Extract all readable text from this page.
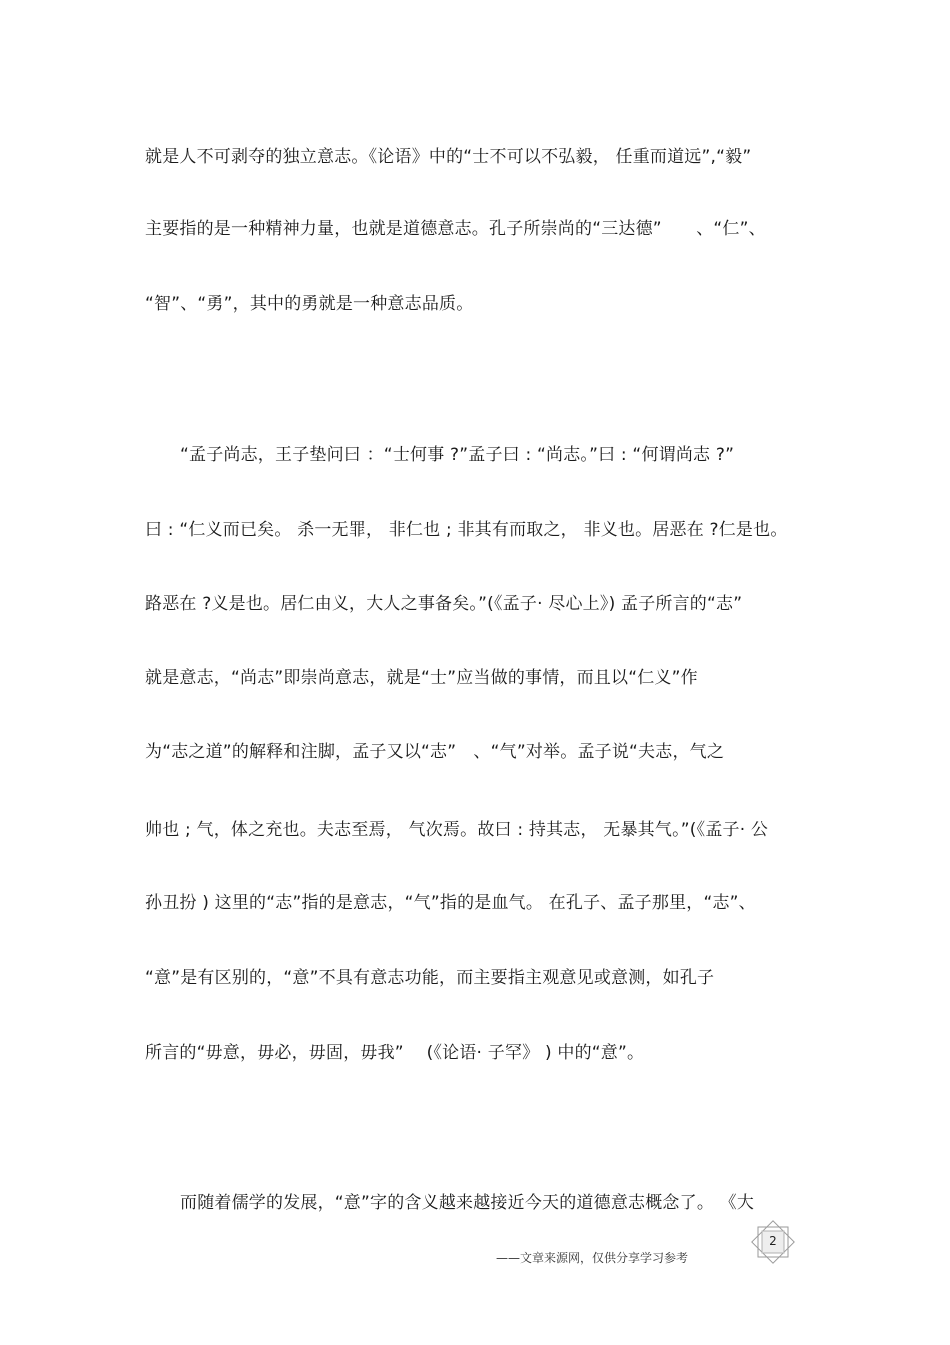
就是人不可剥夺的独立意志。《论语》中的“士不可以不弘毅， 任重而道远”,“毅”
主要指的是一种精神力量，也就是道德意志。孔子所崇尚的“三达德”　　、“仁”、
“智”、“勇”，其中的勇就是一种意志品质。
“孟子尚志，王子垫问曰 ：“士何事 ?”孟子曰 : “尚志。”曰 : “何谓尚志 ?”
曰 : “仁义而已矣。 杀一无罪， 非仁也 ; 非其有而取之， 非义也。居恶在 ?仁是也。
路恶在 ?义是也。居仁由义，大人之事备矣。”(《孟子· 尽心上》) 孟子所言的“志”
就是意志，“尚志”即崇尚意志，就是“士”应当做的事情，而且以“仁义”作
为“志之道”的解释和注脚，孟子又以“志”　、“气”对举。孟子说“夫志，气之
帅也 ; 气，体之充也。夫志至焉， 气次焉。故曰 : 持其志， 无暴其气。”(《孟子· 公
孙丑扮 ) 这里的“志”指的是意志，“气”指的是血气。 在孔子、孟子那里，“志”、
“意”是有区别的，“意”不具有意志功能，而主要指主观意见或意测，如孔子
所言的“毋意，毋必，毋固，毋我”　 (《论语· 子罕》 ) 中的“意”。
而随着儒学的发展，“意”字的含义越来越接近今天的道德意志概念了。 《大
2
——文章来源网，仅供分享学习参考
